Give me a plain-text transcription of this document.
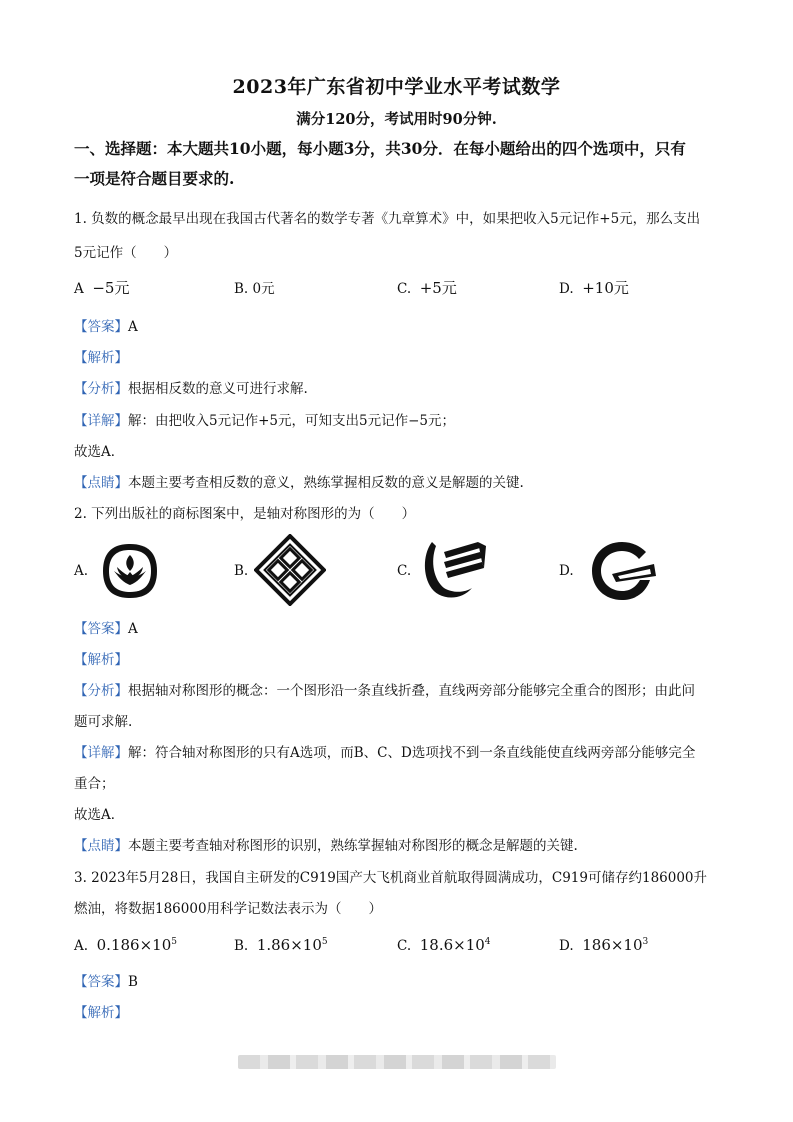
2023年广东省初中学业水平考试数学
满分120分，考试用时90分钟.
一、选择题：本大题共10小题，每小题3分，共30分．在每小题给出的四个选项中，只有
一项是符合题目要求的.
1. 负数的概念最早出现在我国古代著名的数学专著《九章算术》中，如果把收入5元记作+5元，那么支出
5元记作（　　）
A −5元	B. 0元	C. +5元	D. +10元
【答案】A
【解析】
【分析】根据相反数的意义可进行求解.
【详解】解：由把收入5元记作+5元，可知支出5元记作−5元；
故选A．
【点睛】本题主要考查相反数的意义，熟练掌握相反数的意义是解题的关键.
2. 下列出版社的商标图案中，是轴对称图形的为（　　）
A.	B.	C.	D.
【答案】A
【解析】
【分析】根据轴对称图形的概念：一个图形沿一条直线折叠，直线两旁部分能够完全重合的图形；由此问
题可求解.
【详解】解：符合轴对称图形的只有A选项，而B、C、D选项找不到一条直线能使直线两旁部分能够完全
重合；
故选A．
【点睛】本题主要考查轴对称图形的识别，熟练掌握轴对称图形的概念是解题的关键.
3. 2023年5月28日，我国自主研发的C919国产大飞机商业首航取得圆满成功，C919可储存约186000升
燃油，将数据186000用科学记数法表示为（　　）
A. $0.186\times 10^5$	B. $1.86\times 10^5$	C. $18.6\times 10^4$	D. $186\times 10^3$
【答案】B
【解析】
